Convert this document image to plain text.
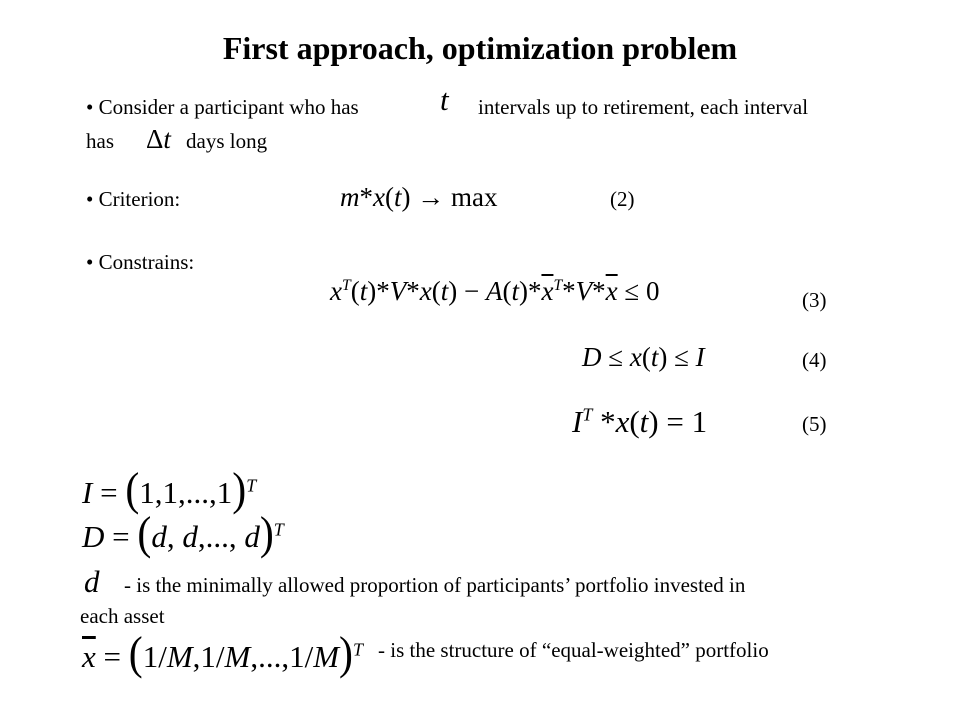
First approach, optimization problem
• Consider a participant who has	t intervals up to retirement, each interval
has Δt days long
• Criterion:	m*x(t) → max	(2)
• Constrains:
$x^T(t)*V*x(t) - A(t)*\overline{x}^T*V*\overline{x} \le 0$	(3)
D ≤ x(t) ≤ I	(4)
$I^T$ *x(t) = 1	(5)
$I = (1,1,...,1)^T$
D = (d, d,..., d)$^T$
d - is the minimally allowed proportion of participants’ portfolio invested in
each asset
$\overline{x} = (1/M,1/M,...,1/M)^T$ - is the structure of “equal-weighted” portfolio
